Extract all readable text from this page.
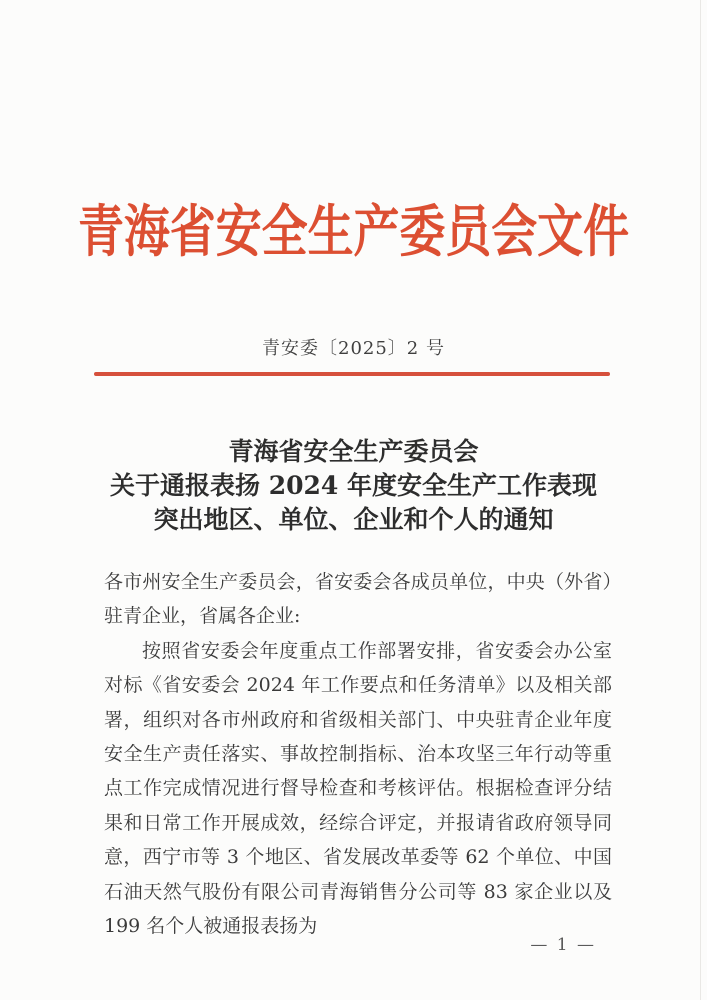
青海省安全生产委员会文件
青安委〔2025〕2 号
青海省安全生产委员会
关于通报表扬 2024 年度安全生产工作表现
突出地区、单位、企业和个人的通知

各市州安全生产委员会，省安委会各成员单位，中央（外省）驻青企业，省属各企业:

按照省安委会年度重点工作部署安排，省安委会办公室对标《省安委会 2024 年工作要点和任务清单》以及相关部署，组织对各市州政府和省级相关部门、中央驻青企业年度安全生产责任落实、事故控制指标、治本攻坚三年行动等重点工作完成情况进行督导检查和考核评估。根据检查评分结果和日常工作开展成效，经综合评定，并报请省政府领导同意，西宁市等 3 个地区、省发展改革委等 62 个单位、中国石油天然气股份有限公司青海销售分公司等 83 家企业以及 199 名个人被通报表扬为

— 1 —
